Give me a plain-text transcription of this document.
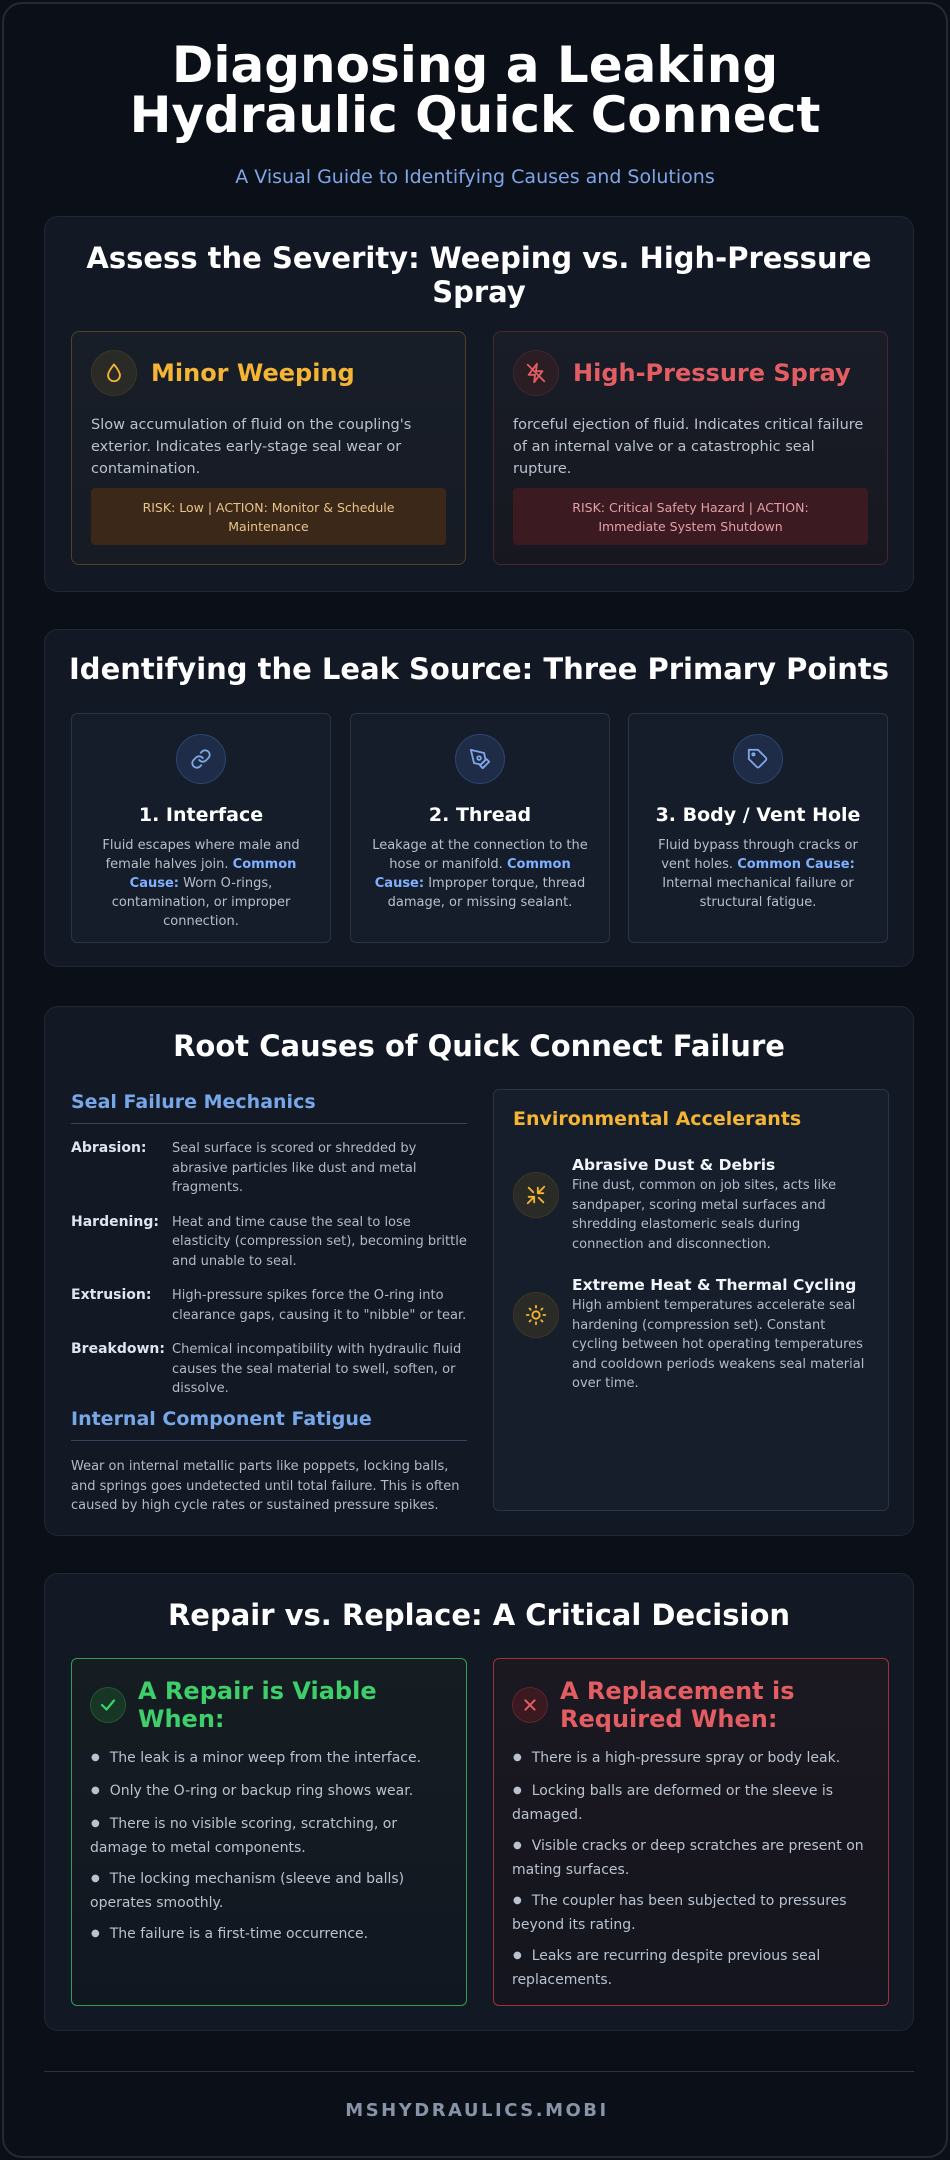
Diagnosing a Leaking Hydraulic Quick Connect
A Visual Guide to Identifying Causes and Solutions
Assess the Severity: Weeping vs. High-Pressure Spray
Minor Weeping

Slow accumulation of fluid on the coupling's exterior. Indicates early-stage seal wear or contamination.

RISK: Low | ACTION: Monitor & Schedule Maintenance
High-Pressure Spray

forceful ejection of fluid. Indicates critical failure of an internal valve or a catastrophic seal rupture.

RISK: Critical Safety Hazard | ACTION: Immediate System Shutdown
Identifying the Leak Source: Three Primary Points
1. Interface
Fluid escapes where male and female halves join. Common Cause: Worn O-rings, contamination, or improper connection.
2. Thread
Leakage at the connection to the hose or manifold. Common Cause: Improper torque, thread damage, or missing sealant.
3. Body / Vent Hole
Fluid bypass through cracks or vent holes. Common Cause: Internal mechanical failure or structural fatigue.
Root Causes of Quick Connect Failure
Seal Failure Mechanics
Abrasion:	Seal surface is scored or shredded by abrasive particles like dust and metal fragments.
Hardening:	Heat and time cause the seal to lose elasticity (compression set), becoming brittle and unable to seal.
Extrusion:	High-pressure spikes force the O-ring into clearance gaps, causing it to "nibble" or tear.
Breakdown: Chemical incompatibility with hydraulic fluid causes the seal material to swell, soften, or dissolve.
Internal Component Fatigue

Wear on internal metallic parts like poppets, locking balls, and springs goes undetected until total failure. This is often caused by high cycle rates or sustained pressure spikes.

Environmental Accelerants
Abrasive Dust & Debris
Fine dust, common on job sites, acts like sandpaper, scoring metal surfaces and shredding elastomeric seals during connection and disconnection.
Extreme Heat & Thermal Cycling
High ambient temperatures accelerate seal hardening (compression set). Constant cycling between hot operating temperatures and cooldown periods weakens seal material over time.
Repair vs. Replace: A Critical Decision
A Repair is Viable When:
● The leak is a minor weep from the interface.
● Only the O-ring or backup ring shows wear.
● There is no visible scoring, scratching, or damage to metal components.
● The locking mechanism (sleeve and balls) operates smoothly.
● The failure is a first-time occurrence.
A Replacement is Required When:
● There is a high-pressure spray or body leak.
● Locking balls are deformed or the sleeve is damaged.
● Visible cracks or deep scratches are present on mating surfaces.
● The coupler has been subjected to pressures beyond its rating.
● Leaks are recurring despite previous seal replacements.
MSHYDRAULICS.MOBI
